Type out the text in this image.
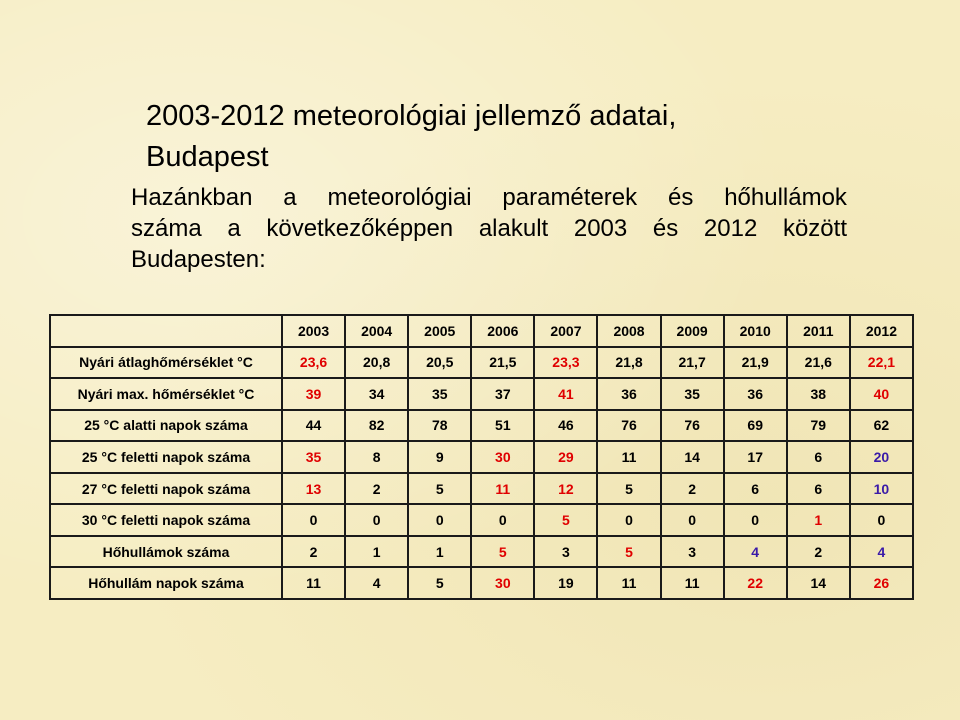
2003-2012 meteorológiai jellemző adatai,
Budapest
Hazánkban a meteorológiai paraméterek és hőhullámok
száma a következőképpen alakult 2003 és 2012 között
Budapesten:
	2003	2004	2005	2006	2007	2008	2009	2010	2011	2012
Nyári átlaghőmérséklet °C	23,6	20,8	20,5	21,5	23,3	21,8	21,7	21,9	21,6	22,1
Nyári max. hőmérséklet °C	39	34	35	37	41	36	35	36	38	40
25 °C alatti napok száma	44	82	78	51	46	76	76	69	79	62
25 °C feletti napok száma	35	8	9	30	29	11	14	17	6	20
27 °C feletti napok száma	13	2	5	11	12	5	2	6	6	10
30 °C feletti napok száma	0	0	0	0	5	0	0	0	1	0
Hőhullámok száma	2	1	1	5	3	5	3	4	2	4
Hőhullám napok száma	11	4	5	30	19	11	11	22	14	26
